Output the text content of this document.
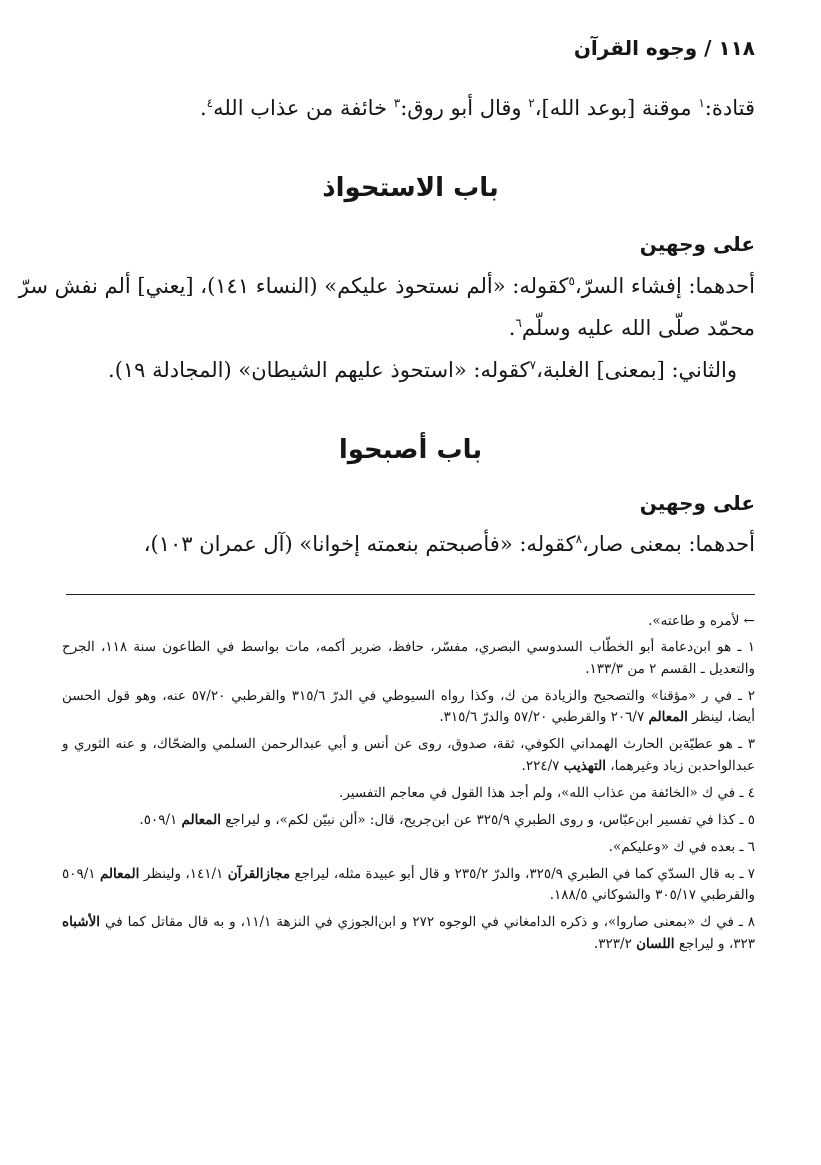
١١٨ / وجوه القرآن
قتادة:$^١$ موقنة [بوعد الله]،$^٢$ وقال أبو روق:$^٣$ خائفة من عذاب الله$^٤$.
باب الاستحواذ
على وجهين
أحدهما: إفشاء السرّ،$^٥$كقوله: «ألم نستحوذ عليكم» (النساء ١٤١)، [يعني] ألم نفش سرّ
محمّد صلّى الله عليه وسلّم$^٦$.
والثاني: [بمعنى] الغلبة،$^٧$كقوله: «استحوذ عليهم الشيطان» (المجادلة ١٩).
باب أصبحوا
على وجهين
أحدهما: بمعنى صار،$^٨$كقوله: «فأصبحتم بنعمته إخوانا» (آل عمران ١٠٣)،
← لأمره و طاعته».
١ ـ هو ابن‌دعامة أبو الخطّاب السدوسي البصري، مفسّر، حافظ، ضرير أكمه، مات بواسط في الطاعون سنة ١١٨، الجرح والتعديل ـ القسم ٢ من ١٣٣/٣.
٢ ـ في ر «مؤقنا» والتصحيح والزيادة من ك، وكذا رواه السيوطي في الدرّ ٣١٥/٦ والقرطبي ٥٧/٢٠ عنه، وهو قول الحسن أيضا، لينظر المعالم ٢٠٦/٧ والقرطبي ٥٧/٢٠ والدرّ ٣١٥/٦.
٣ ـ هو عطيّة‌بن الحارث الهمداني الكوفي، ثقة، صدوق، روى عن أنس و أبي عبدالرحمن السلمي والضحّاك، و عنه الثوري و عبدالواحدبن زياد وغيرهما، التهذيب ٢٢٤/٧.
٤ ـ في ك «الخائفة من عذاب الله»، ولم أجد هذا القول في معاجم التفسير.
٥ ـ كذا في تفسير ابن‌عبّاس، و روى الطبري ٣٢٥/٩ عن ابن‌جريح، قال: «ألن نبيّن لكم»، و ليراجع المعالم ٥٠٩/١.
٦ ـ بعده في ك «وعليكم».
٧ ـ به قال السدّي كما في الطبري ٣٢٥/٩، والدرّ ٢٣٥/٢ و قال أبو عبيدة مثله، ليراجع مجازالقرآن ١٤١/١، ولينظر المعالم ٥٠٩/١ والقرطبي ٣٠٥/١٧ والشوكاني ١٨٨/٥.
٨ ـ في ك «بمعنى صاروا»، و ذكره الدامغاني في الوجوه ٢٧٢ و ابن‌الجوزي في النزهة ١١/١، و به قال مقاتل كما في الأشباه ٣٢٣، و ليراجع اللسان ٣٢٣/٢.
